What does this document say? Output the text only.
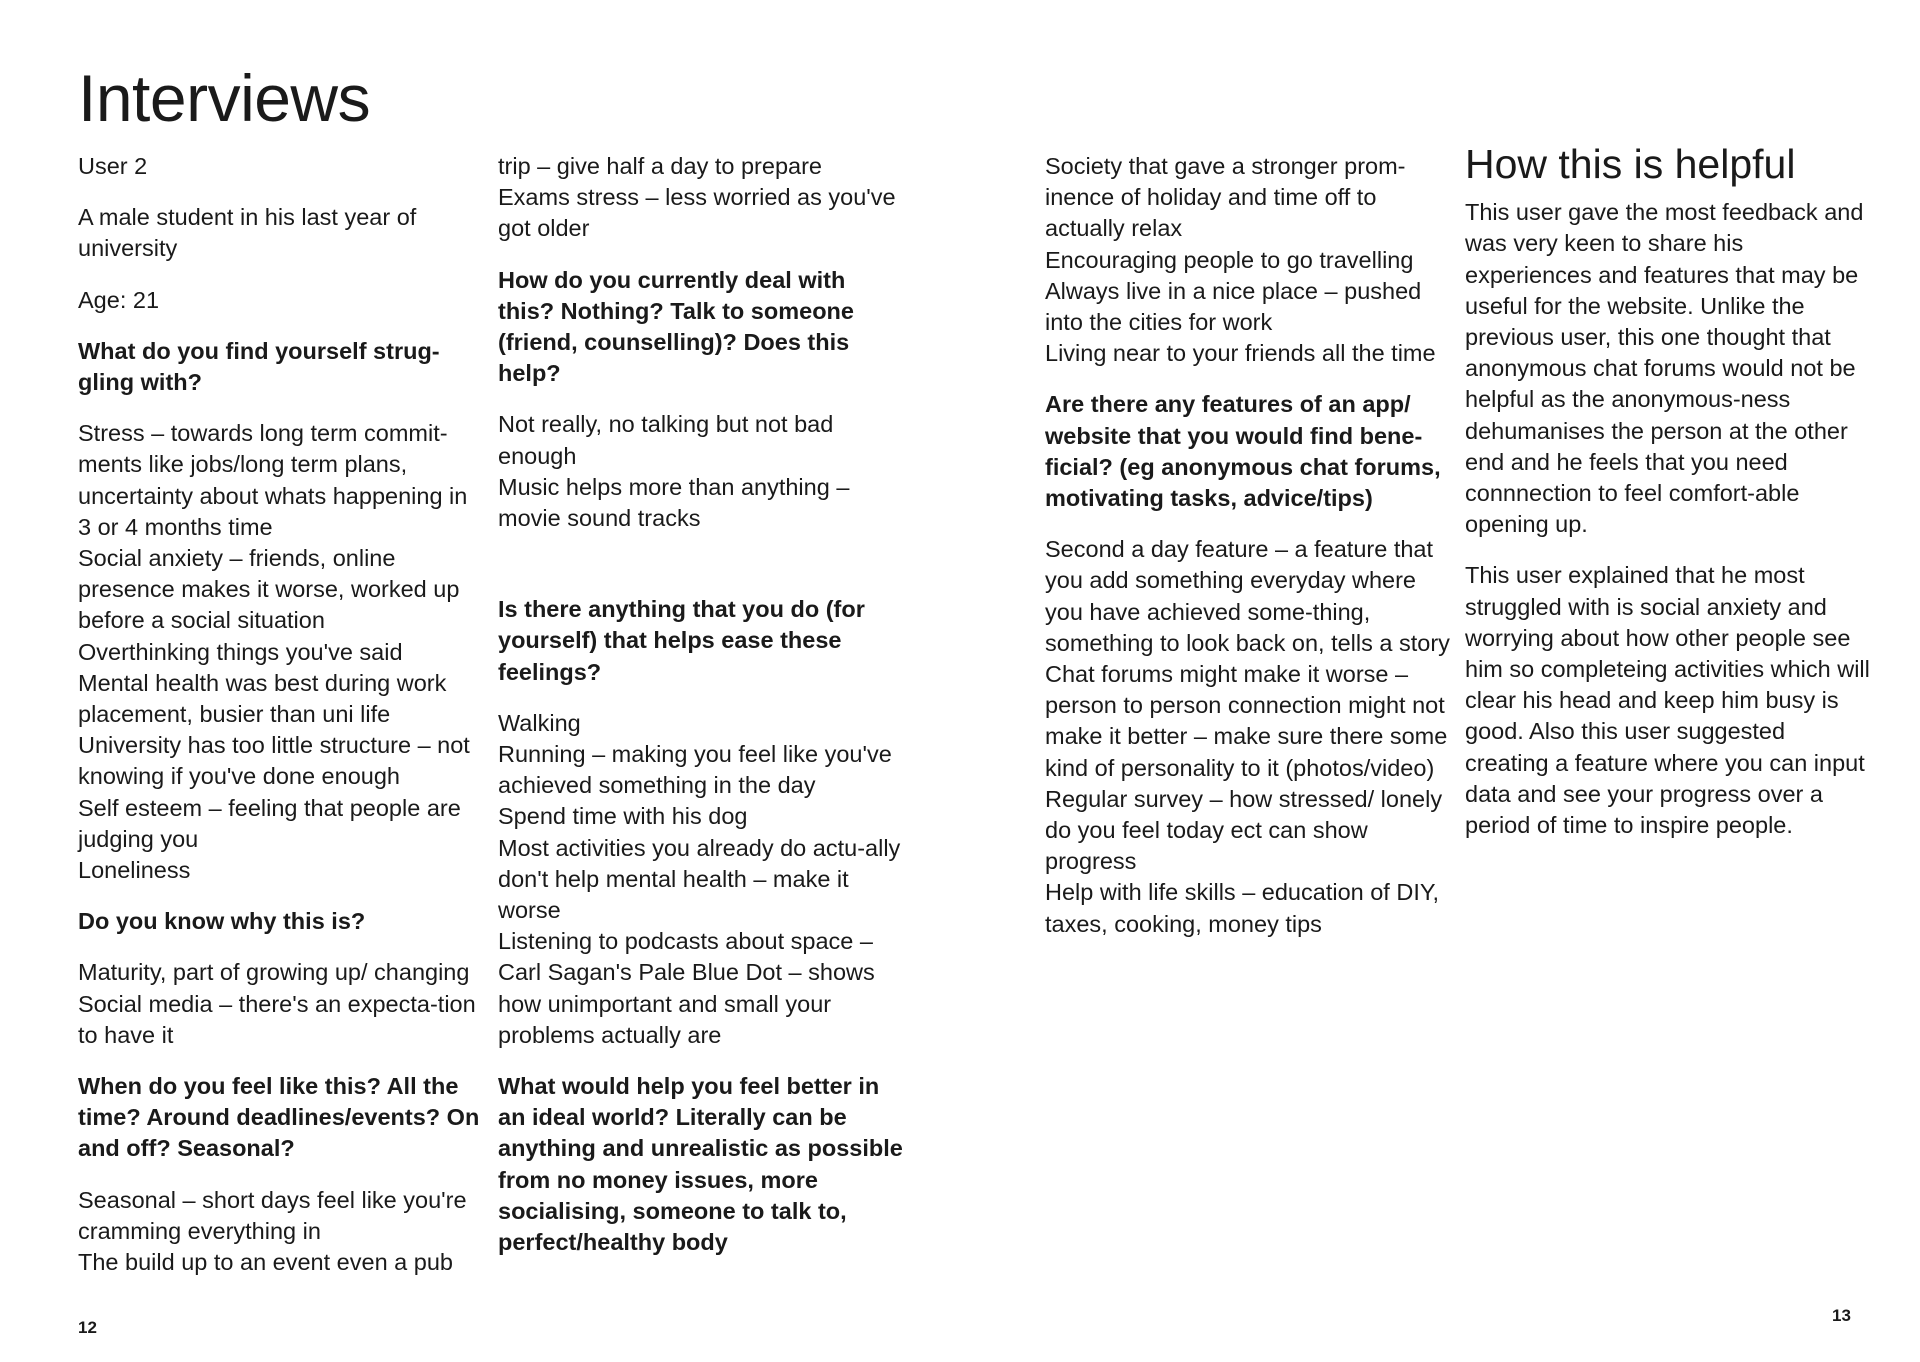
Interviews

User 2

A male student in his last year of university

Age: 21

What do you find yourself strug-gling with?

Stress – towards long term commit-ments like jobs/long term plans, uncertainty about whats happening in 3 or 4 months time

Social anxiety – friends, online presence makes it worse, worked up before a social situation

Overthinking things you've said

Mental health was best during work placement, busier than uni life

University has too little structure – not knowing if you've done enough

Self esteem – feeling that people are judging you

Loneliness

Do you know why this is?

Maturity, part of growing up/ changing

Social media – there's an expecta-tion to have it

When do you feel like this? All the time? Around deadlines/events? On and off? Seasonal?

Seasonal – short days feel like you're cramming everything in

The build up to an event even a pub

trip – give half a day to prepare

Exams stress – less worried as you've got older

How do you currently deal with this? Nothing? Talk to someone (friend, counselling)? Does this help?

Not really, no talking but not bad enough

Music helps more than anything – movie sound tracks

Is there anything that you do (for yourself) that helps ease these feelings?

Walking

Running – making you feel like you've achieved something in the day

Spend time with his dog

Most activities you already do actu-ally don't help mental health – make it worse

Listening to podcasts about space – Carl Sagan's Pale Blue Dot – shows how unimportant and small your problems actually are

What would help you feel better in an ideal world? Literally can be anything and unrealistic as possible from no money issues, more socialising, someone to talk to, perfect/healthy body

12

Society that gave a stronger prom-inence of holiday and time off to actually relax

Encouraging people to go travelling

Always live in a nice place – pushed into the cities for work

Living near to your friends all the time

Are there any features of an app/ website that you would find bene-ficial? (eg anonymous chat forums, motivating tasks, advice/tips)

Second a day feature – a feature that you add something everyday where you have achieved some-thing, something to look back on, tells a story

Chat forums might make it worse – person to person connection might not make it better – make sure there some kind of personality to it (photos/video)

Regular survey – how stressed/ lonely do you feel today ect can show progress

Help with life skills – education of DIY, taxes, cooking, money tips

How this is helpful

This user gave the most feedback and was very keen to share his experiences and features that may be useful for the website. Unlike the previous user, this one thought that anonymous chat forums would not be helpful as the anonymous-ness dehumanises the person at the other end and he feels that you need connnection to feel comfort-able opening up.

This user explained that he most struggled with is social anxiety and worrying about how other people see him so completeing activities which will clear his head and keep him busy is good. Also this user suggested creating a feature where you can input data and see your progress over a period of time to inspire people.

13
